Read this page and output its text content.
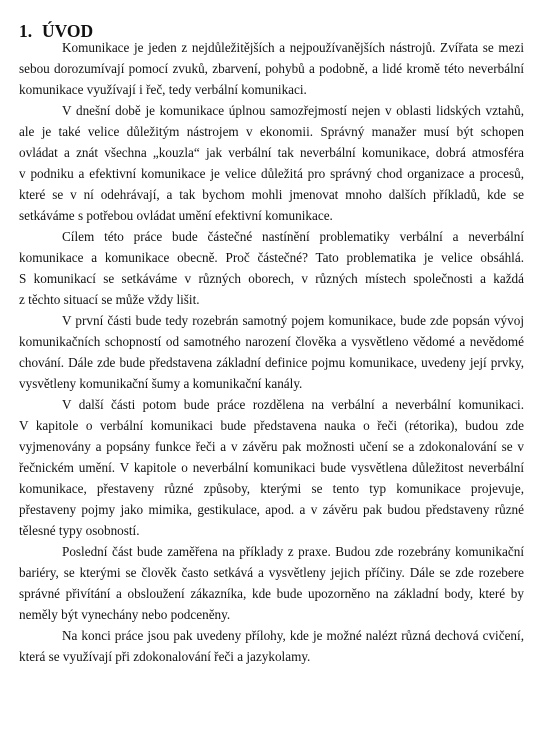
1. ÚVOD
Komunikace je jeden z nejdůležitějších a nejpoužívanějších nástrojů. Zvířata se mezi
sebou dorozumívají pomocí zvuků, zbarvení, pohybů a podobně, a lidé kromě této neverbální
komunikace využívají i řeč, tedy verbální komunikaci.
V dnešní době je komunikace úplnou samozřejmostí nejen v oblasti lidských vztahů,
ale je také velice důležitým nástrojem v ekonomii. Správný manažer musí být schopen
ovládat a znát všechna „kouzla“ jak verbální tak neverbální komunikace, dobrá atmosféra
v podniku a efektivní komunikace je velice důležitá pro správný chod organizace a procesů,
které se v ní odehrávají, a tak bychom mohli jmenovat mnoho dalších příkladů, kde se
setkáváme s potřebou ovládat umění efektivní komunikace.
Cílem této práce bude částečné nastínění problematiky verbální a neverbální
komunikace a komunikace obecně. Proč částečné? Tato problematika je velice obsáhlá.
S komunikací se setkáváme v různých oborech, v různých místech společnosti a každá
z těchto situací se může vždy lišit.
V první části bude tedy rozebrán samotný pojem komunikace, bude zde popsán vývoj
komunikačních schopností od samotného narození člověka a vysvětleno vědomé a nevědomé
chování. Dále zde bude představena základní definice pojmu komunikace, uvedeny její prvky,
vysvětleny komunikační šumy a komunikační kanály.
V další části potom bude práce rozdělena na verbální a neverbální komunikaci.
V kapitole o verbální komunikaci bude představena nauka o řeči (rétorika), budou zde
vyjmenovány a popsány funkce řeči a v závěru pak možnosti učení se a zdokonalování se v
řečnickém umění. V kapitole o neverbální komunikaci bude vysvětlena důležitost neverbální
komunikace, přestaveny různé způsoby, kterými se tento typ komunikace projevuje,
přestaveny pojmy jako mimika, gestikulace, apod. a v závěru pak budou představeny různé
tělesné typy osobností.
Poslední část bude zaměřena na příklady z praxe. Budou zde rozebrány komunikační
bariéry, se kterými se člověk často setkává a vysvětleny jejich příčiny. Dále se zde rozebere
správné přivítání a obsloužení zákazníka, kde bude upozorněno na základní body, které by
neměly být vynechány nebo podceněny.
Na konci práce jsou pak uvedeny přílohy, kde je možné nalézt různá dechová cvičení,
která se využívají při zdokonalování řeči a jazykolamy.
